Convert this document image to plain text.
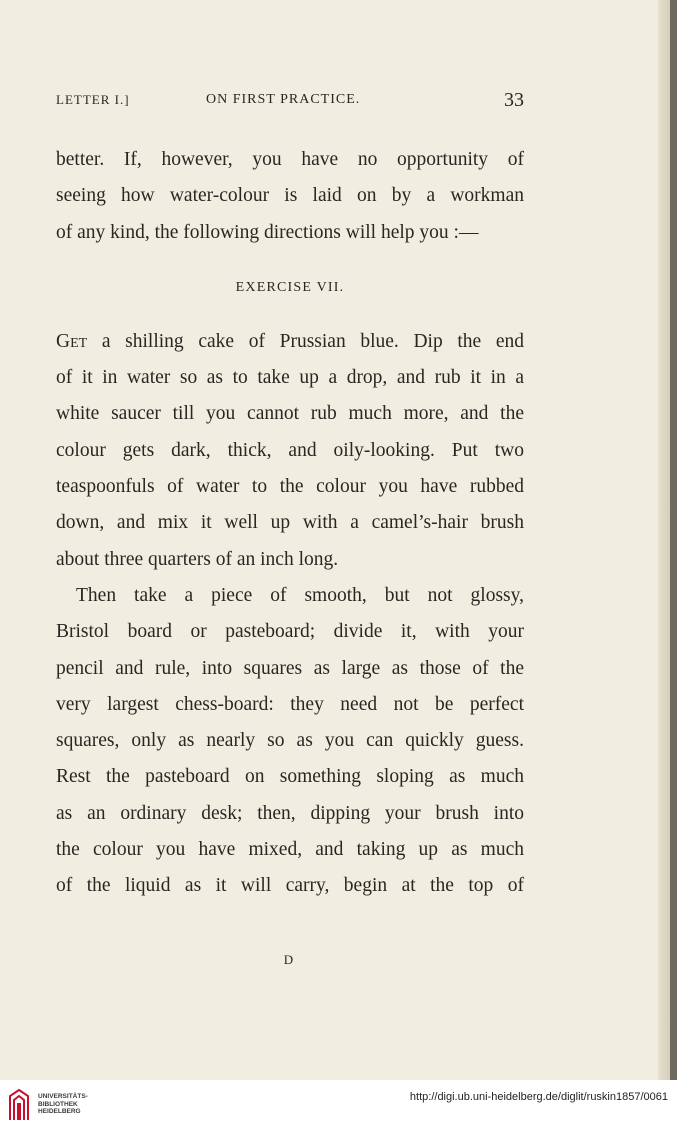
LETTER I.]	ON FIRST PRACTICE.	33
better. If, however, you have no opportunity of
seeing how water-colour is laid on by a workman
of any kind, the following directions will help you :—
EXERCISE VII.
Get a shilling cake of Prussian blue. Dip the end
of it in water so as to take up a drop, and rub it in a
white saucer till you cannot rub much more, and the
colour gets dark, thick, and oily-looking. Put two
teaspoonfuls of water to the colour you have rubbed
down, and mix it well up with a camel’s-hair brush
about three quarters of an inch long.
Then take a piece of smooth, but not glossy,
Bristol board or pasteboard; divide it, with your
pencil and rule, into squares as large as those of the
very largest chess-board: they need not be perfect
squares, only as nearly so as you can quickly guess.
Rest the pasteboard on something sloping as much
as an ordinary desk; then, dipping your brush into
the colour you have mixed, and taking up as much
of the liquid as it will carry, begin at the top of
D
UNIVERSITÄTS-
BIBLIOTHEK
HEIDELBERG
http://digi.ub.uni-heidelberg.de/diglit/ruskin1857/0061
